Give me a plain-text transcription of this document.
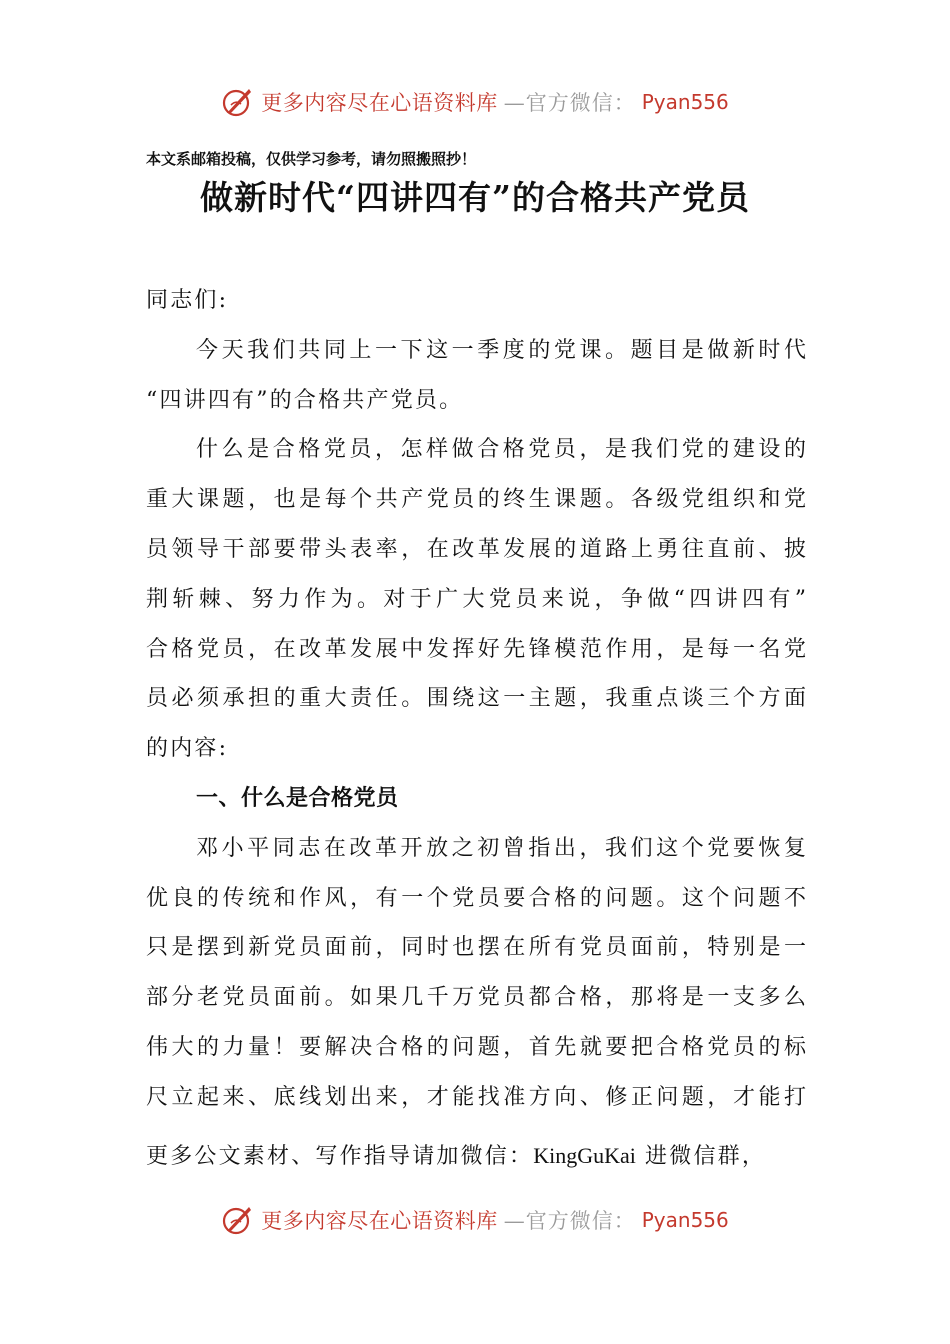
更多内容尽在心语资料库 —官方微信： Pyan556
本文系邮箱投稿，仅供学习参考，请勿照搬照抄！
做新时代“四讲四有”的合格共产党员
同志们:
今天我们共同上一下这一季度的党课。题目是做新时代
“四讲四有”的合格共产党员。
什么是合格党员，怎样做合格党员，是我们党的建设的
重大课题，也是每个共产党员的终生课题。各级党组织和党
员领导干部要带头表率，在改革发展的道路上勇往直前、披
荆斩棘、努力作为。对于广大党员来说，争做“四讲四有”
合格党员，在改革发展中发挥好先锋模范作用，是每一名党
员必须承担的重大责任。围绕这一主题，我重点谈三个方面
的内容:
一、什么是合格党员
邓小平同志在改革开放之初曾指出，我们这个党要恢复
优良的传统和作风，有一个党员要合格的问题。这个问题不
只是摆到新党员面前，同时也摆在所有党员面前，特别是一
部分老党员面前。如果几千万党员都合格，那将是一支多么
伟大的力量！要解决合格的问题，首先就要把合格党员的标
尺立起来、底线划出来，才能找准方向、修正问题，才能打
更多公文素材、写作指导请加微信：KingGuKai 进微信群，
更多内容尽在心语资料库 —官方微信： Pyan556
